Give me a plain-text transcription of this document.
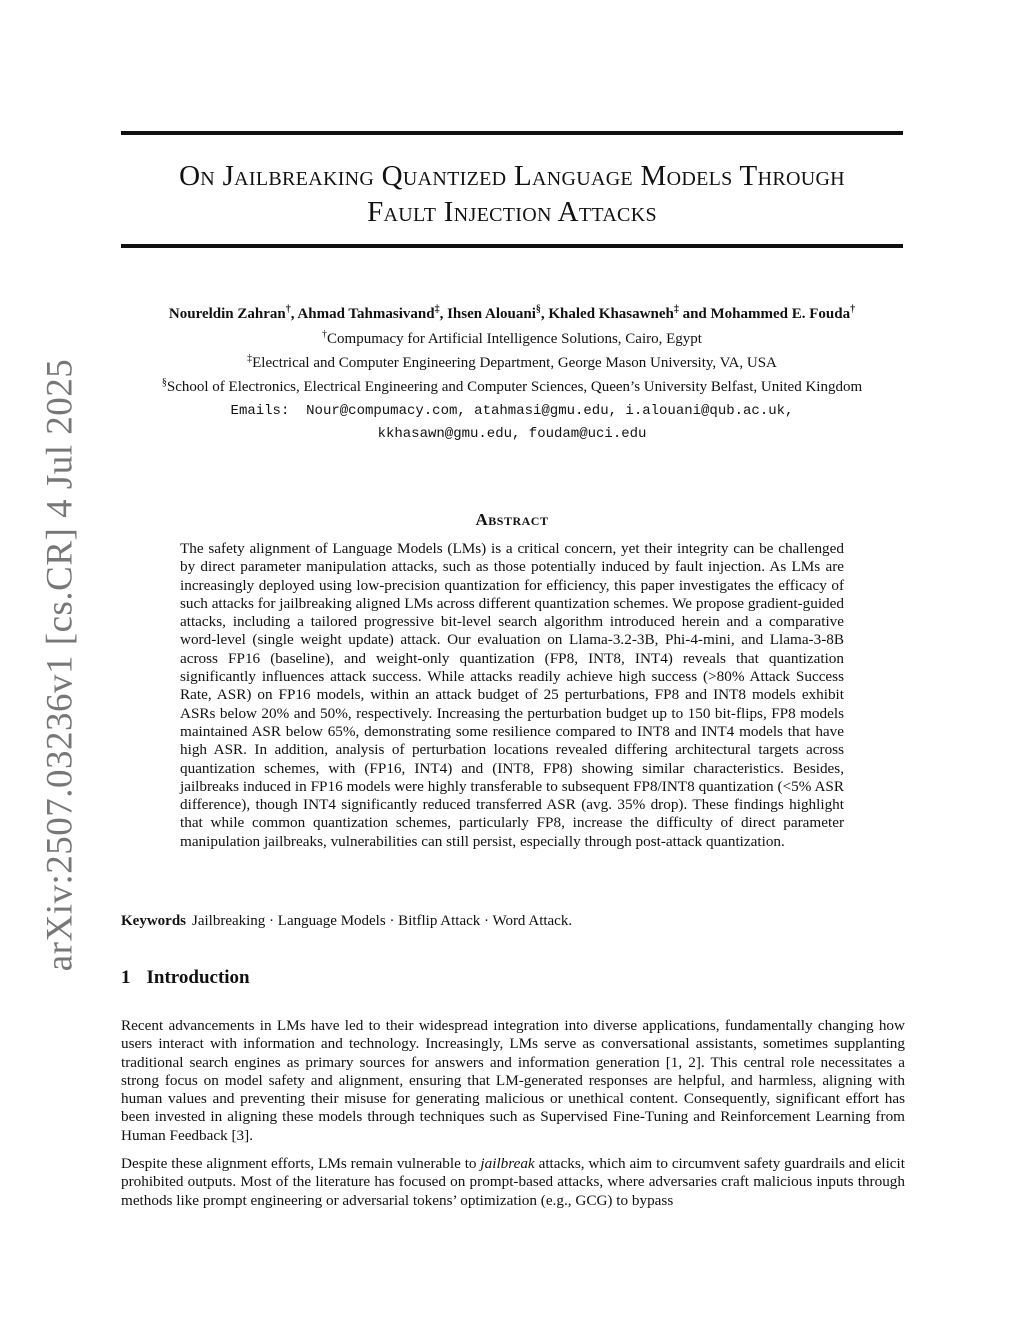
arXiv:2507.03236v1 [cs.CR] 4 Jul 2025
On Jailbreaking Quantized Language Models Through
Fault Injection Attacks
Noureldin Zahran†, Ahmad Tahmasivand‡, Ihsen Alouani§, Khaled Khasawneh‡ and Mohammed E. Fouda†
†Compumacy for Artificial Intelligence Solutions, Cairo, Egypt
‡Electrical and Computer Engineering Department, George Mason University, VA, USA
§School of Electronics, Electrical Engineering and Computer Sciences, Queen’s University Belfast, United Kingdom
Emails:  Nour@compumacy.com, atahmasi@gmu.edu, i.alouani@qub.ac.uk,
kkhasawn@gmu.edu, foudam@uci.edu
Abstract

The safety alignment of Language Models (LMs) is a critical concern, yet their integrity can be challenged by direct parameter manipulation attacks, such as those potentially induced by fault injection. As LMs are increasingly deployed using low-precision quantization for efficiency, this paper investigates the efficacy of such attacks for jailbreaking aligned LMs across different quantization schemes. We propose gradient-guided attacks, including a tailored progressive bit-level search algorithm introduced herein and a comparative word-level (single weight update) attack. Our evaluation on Llama-3.2-3B, Phi-4-mini, and Llama-3-8B across FP16 (baseline), and weight-only quantization (FP8, INT8, INT4) reveals that quantization significantly influences attack success. While attacks readily achieve high success (>80% Attack Success Rate, ASR) on FP16 models, within an attack budget of 25 perturbations, FP8 and INT8 models exhibit ASRs below 20% and 50%, respectively. Increasing the perturbation budget up to 150 bit-flips, FP8 models maintained ASR below 65%, demonstrating some resilience compared to INT8 and INT4 models that have high ASR. In addition, analysis of perturbation locations revealed differing architectural targets across quantization schemes, with (FP16, INT4) and (INT8, FP8) showing similar characteristics. Besides, jailbreaks induced in FP16 models were highly transferable to subsequent FP8/INT8 quantization (<5% ASR difference), though INT4 significantly reduced transferred ASR (avg. 35% drop). These findings highlight that while common quantization schemes, particularly FP8, increase the difficulty of direct parameter manipulation jailbreaks, vulnerabilities can still persist, especially through post-attack quantization.

Keywords Jailbreaking · Language Models · Bitflip Attack · Word Attack.
1 Introduction

Recent advancements in LMs have led to their widespread integration into diverse applications, fundamentally changing how users interact with information and technology. Increasingly, LMs serve as conversational assistants, sometimes supplanting traditional search engines as primary sources for answers and information generation [1, 2]. This central role necessitates a strong focus on model safety and alignment, ensuring that LM-generated responses are helpful, and harmless, aligning with human values and preventing their misuse for generating malicious or unethical content. Consequently, significant effort has been invested in aligning these models through techniques such as Supervised Fine-Tuning and Reinforcement Learning from Human Feedback [3].

Despite these alignment efforts, LMs remain vulnerable to jailbreak attacks, which aim to circumvent safety guardrails and elicit prohibited outputs. Most of the literature has focused on prompt-based attacks, where adversaries craft malicious inputs through methods like prompt engineering or adversarial tokens’ optimization (e.g., GCG) to bypass
